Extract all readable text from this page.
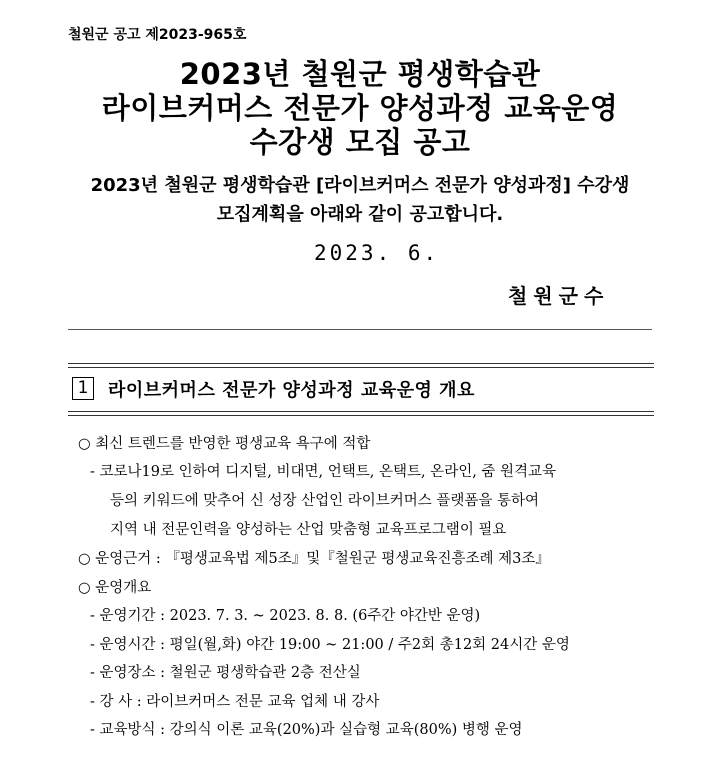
철원군 공고 제2023-965호
2023년 철원군 평생학습관
라이브커머스 전문가 양성과정 교육운영
수강생 모집 공고
2023년 철원군 평생학습관 [라이브커머스 전문가 양성과정] 수강생
모집계획을 아래와 같이 공고합니다.
2023. 6.
철원군수
1	라이브커머스 전문가 양성과정 교육운영 개요
○ 최신 트렌드를 반영한 평생교육 욕구에 적합
- 코로나19로 인하여 디지털, 비대면, 언택트, 온택트, 온라인, 줌 원격교육
등의 키워드에 맞추어 신 성장 산업인 라이브커머스 플랫폼을 통하여
지역 내 전문인력을 양성하는 산업 맞춤형 교육프로그램이 필요
○ 운영근거 : 『평생교육법 제5조』및『철원군 평생교육진흥조례 제3조』
○ 운영개요
- 운영기간 : 2023. 7. 3. ~ 2023. 8. 8. (6주간 야간반 운영)
- 운영시간 : 평일(월,화) 야간 19:00 ~ 21:00 / 주2회 총12회 24시간 운영
- 운영장소 : 철원군 평생학습관 2층 전산실
- 강 사 : 라이브커머스 전문 교육 업체 내 강사
- 교육방식 : 강의식 이론 교육(20%)과 실습형 교육(80%) 병행 운영
